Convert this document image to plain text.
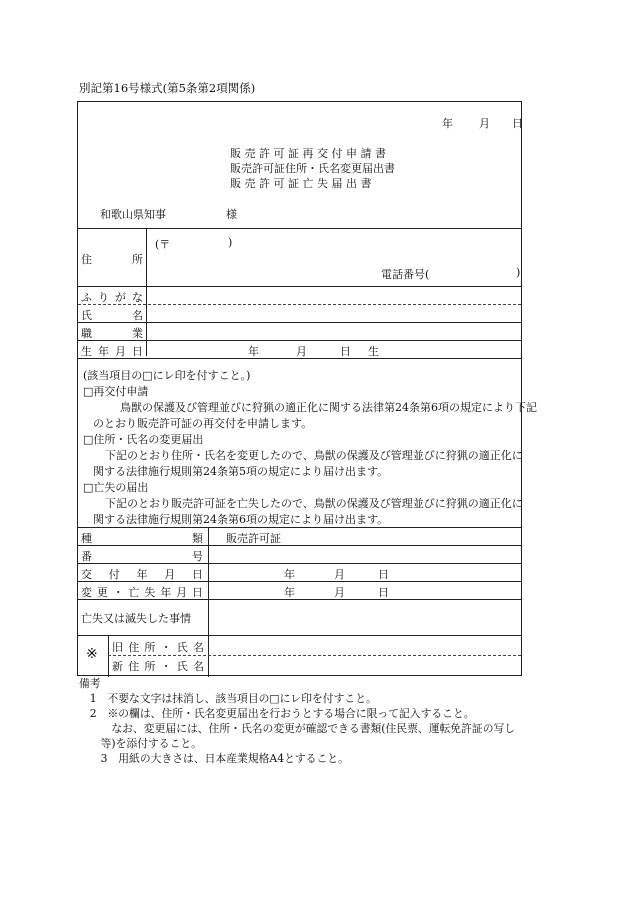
別記第16号様式(第5条第2項関係)
年 月 日
販 売 許 可 証 再 交 付 申 請 書
販売許可証住所・氏名変更届出書
販 売 許 可 証 亡 失 届 出 書
和歌山県知事	様
住	所
(〒	)
電話番号(	)
ふ り が な
氏	名
職	業
生 年 月 日	年	月	日 生
(該当項目の□にレ印を付すこと。)
□再交付申請
鳥獣の保護及び管理並びに狩猟の適正化に関する法律第24条第6項の規定により下記
のとおり販売許可証の再交付を申請します。
□住所・氏名の変更届出
下記のとおり住所・氏名を変更したので、鳥獣の保護及び管理並びに狩猟の適正化に
関する法律施行規則第24条第5項の規定により届け出ます。
□亡失の届出
下記のとおり販売許可証を亡失したので、鳥獣の保護及び管理並びに狩猟の適正化に
関する法律施行規則第24条第6項の規定により届け出ます。
種	類 販売許可証
番	号
交 付 年 月 日	年	月	日
変 更 ・ 亡 失 年 月 日	年	月	日
亡失又は滅失した事情
※ 旧 住 所 ・ 氏 名
新 住 所 ・ 氏 名
備考
　1　不要な文字は抹消し、該当項目の□にレ印を付すこと。
　2　※の欄は、住所・氏名変更届出を行おうとする場合に限って記入すること。
　　　なお、変更届には、住所・氏名の変更が確認できる書類(住民票、運転免許証の写し
　　等)を添付すること。
　　3　用紙の大きさは、日本産業規格A4とすること。
